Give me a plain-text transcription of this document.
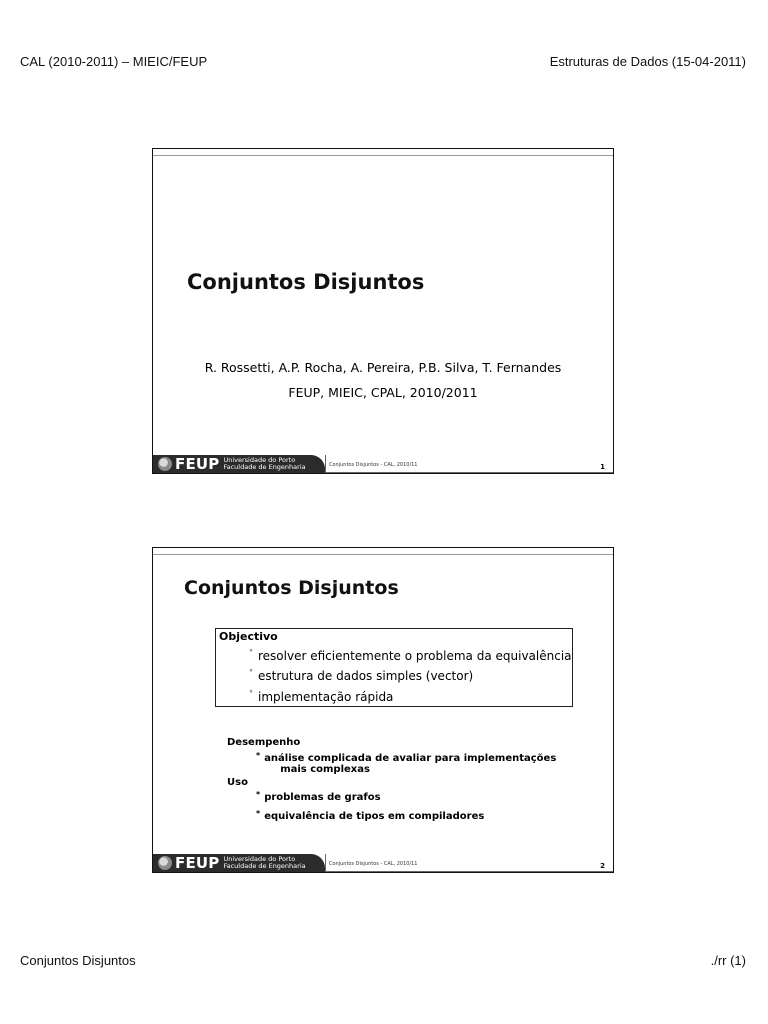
CAL (2010-2011) – MIEIC/FEUP	Estruturas de Dados (15-04-2011)
Conjuntos Disjuntos
R. Rossetti, A.P. Rocha, A. Pereira, P.B. Silva, T. Fernandes
FEUP, MIEIC, CPAL, 2010/2011
FEUP Universidade do Porto
Faculdade de Engenharia	Conjuntos Disjuntos - CAL, 2010/11	1
Conjuntos Disjuntos
Objectivo
° resolver eficientemente o problema da equivalência
° estrutura de dados simples (vector)
° implementação rápida
Desempenho
* análise complicada de avaliar para implementações
mais complexas
Uso
* problemas de grafos
* equivalência de tipos em compiladores
FEUP Universidade do Porto
Faculdade de Engenharia	Conjuntos Disjuntos - CAL, 2010/11	2
Conjuntos Disjuntos	./rr (1)
